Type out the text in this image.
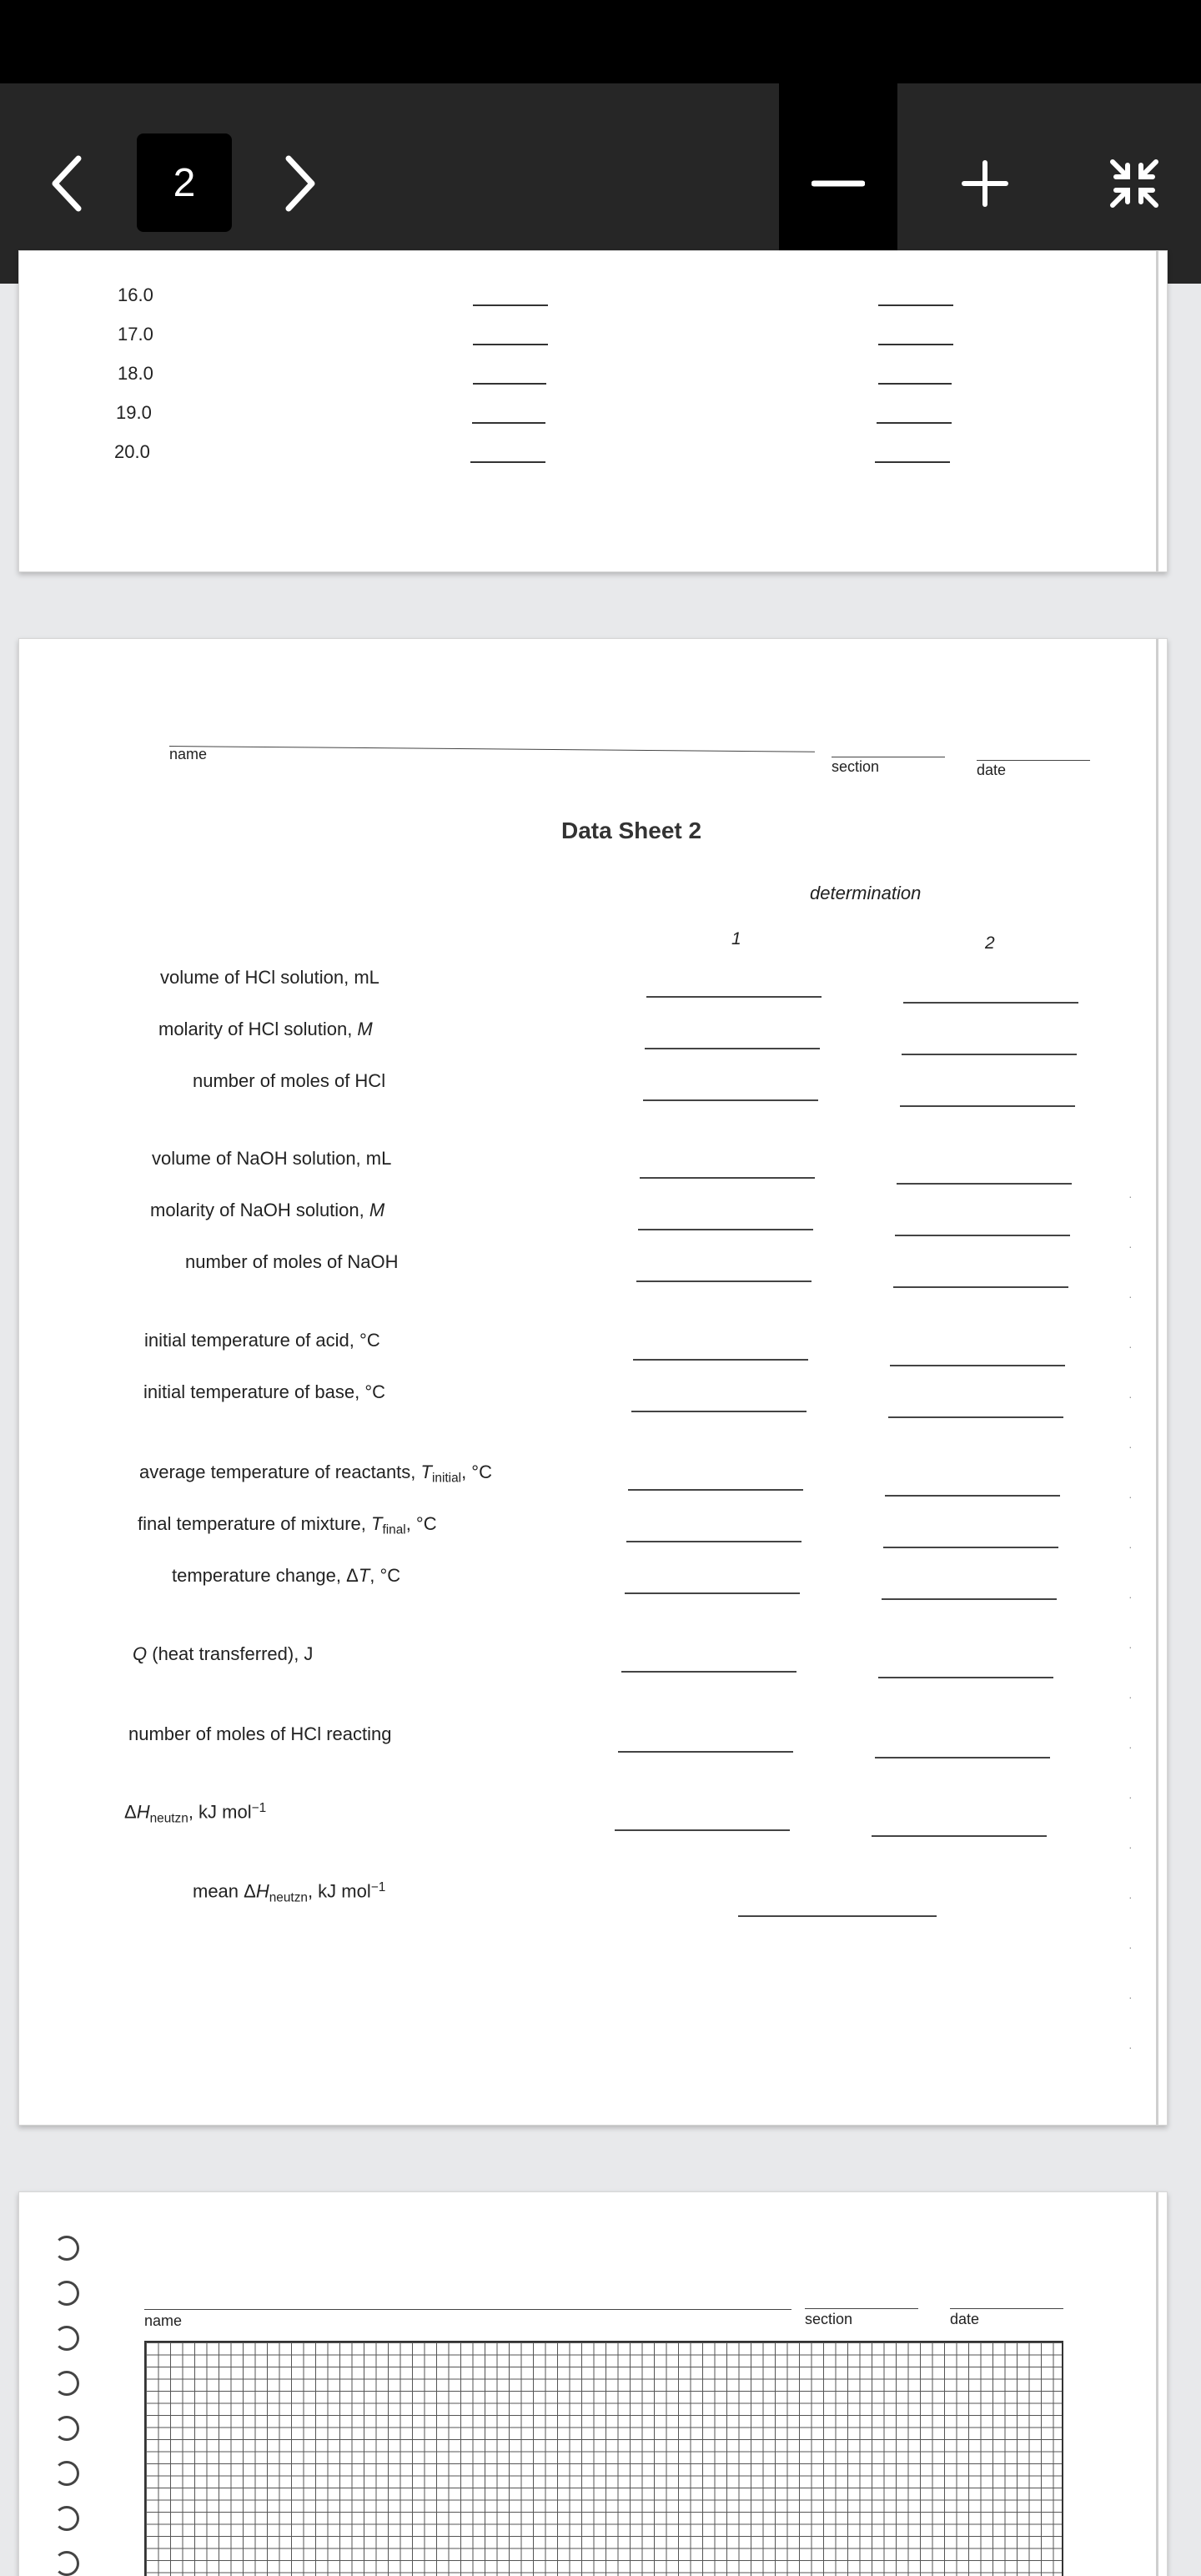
2
16.0
17.0
18.0
19.0
20.0
name
section	date
Data Sheet 2
determination
1	2
volume of HCl solution, mL
molarity of HCl solution, M
number of moles of HCl
volume of NaOH solution, mL
molarity of NaOH solution, M
number of moles of NaOH
initial temperature of acid, °C
initial temperature of base, °C
average temperature of reactants, $T_{initial}$, °C
final temperature of mixture, $T_{final}$, °C
temperature change, ΔT, °C
Q (heat transferred), J
number of moles of HCl reacting
$\Delta H_{neutzn}$, kJ mol$^{-1}$
mean $\Delta H_{neutzn}$, kJ mol$^{-1}$
·
·
·
·
·
·
·
·
·
·
·
·
·
·
·
·
·
·
name	section	date
